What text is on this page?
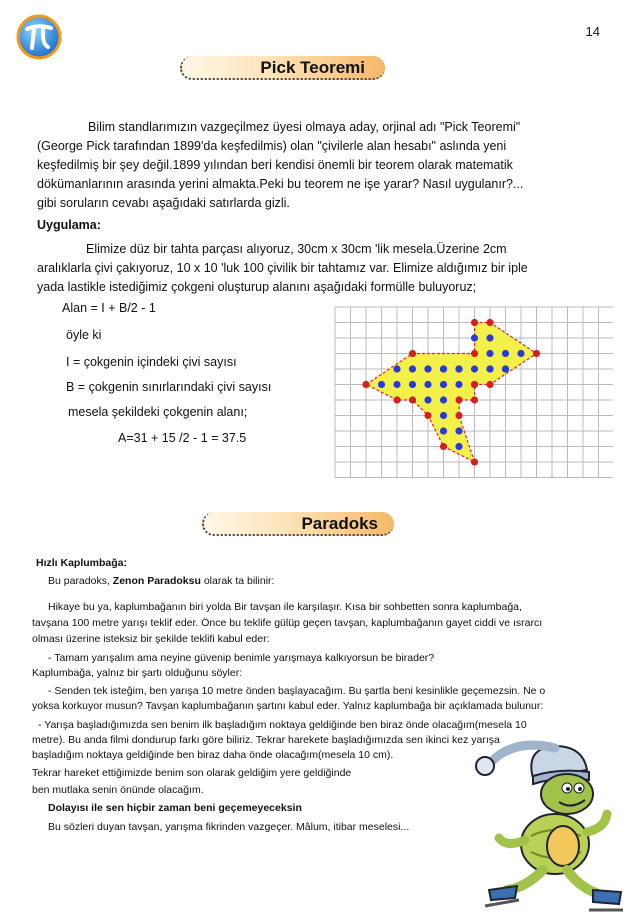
14
Pick Teoremi
Bilim standlarımızın vazgeçilmez üyesi olmaya aday, orjinal adı "Pick Teoremi"
(George Pick tarafından 1899'da keşfedilmis) olan "çivilerle alan hesabı" aslında yeni
keşfedilmiş bir şey değil.1899 yılından beri kendisi önemli bir teorem olarak matematik
dökümanlarının arasında yerini almakta.Peki bu teorem ne işe yarar? Nasıl uygulanır?...
gibi soruların cevabı aşağıdaki satırlarda gizli.
Uygulama:
Elimize düz bir tahta parçası alıyoruz, 30cm x 30cm 'lik mesela.Üzerine 2cm
aralıklarla çivi çakıyoruz, 10 x 10 'luk 100 çivilik bir tahtamız var. Elimize aldığımız bir iple
yada lastikle istediğimiz çokgeni oluşturup alanını aşağıdaki formülle buluyoruz;
Alan = I + B/2 - 1
öyle ki
I = çokgenin içindeki çivi sayısı
B = çokgenin sınırlarındaki çivi sayısı
mesela şekildeki çokgenin alanı;
A=31 + 15 /2 - 1 = 37.5
Paradoks
Hızlı Kaplumbağa:
Bu paradoks, Zenon Paradoksu olarak ta bilinir:
Hikaye bu ya, kaplumbağanın biri yolda Bir tavşan ile karşılaşır. Kısa bir sohbetten sonra kaplumbağa,
tavşana 100 metre yarışı teklif eder. Önce bu teklife gülüp geçen tavşan, kaplumbağanın gayet ciddi ve ısrarcı
olması üzerine isteksiz bir şekilde teklifi kabul eder:
- Tamam yarışalım ama neyine güvenip benimle yarışmaya kalkıyorsun be birader?
Kaplumbağa, yalnız bir şartı olduğunu söyler:
- Senden tek isteğim, ben yarışa 10 metre önden başlayacağım. Bu şartla beni kesinlikle geçemezsin. Ne o
yoksa korkuyor musun? Tavşan kaplumbağanın şartını kabul eder. Yalnız kaplumbağa bir açıklamada bulunur:
- Yarışa başladığımızda sen benim ilk başladığım noktaya geldiğinde ben biraz önde olacağım(mesela 10
metre). Bu anda filmi dondurup farkı göre biliriz. Tekrar harekete başladığımızda sen ikinci kez yarışa
başladığım noktaya geldiğinde ben biraz daha önde olacağım(mesela 10 cm).
Tekrar hareket ettiğimizde benim son olarak geldiğim yere geldiğinde
ben mutlaka senin önünde olacağım.
Dolayısı ile sen hiçbir zaman beni geçemeyeceksin
Bu sözleri duyan tavşan, yarışma fikrinden vazgeçer. Mâlum, itibar meselesi...
